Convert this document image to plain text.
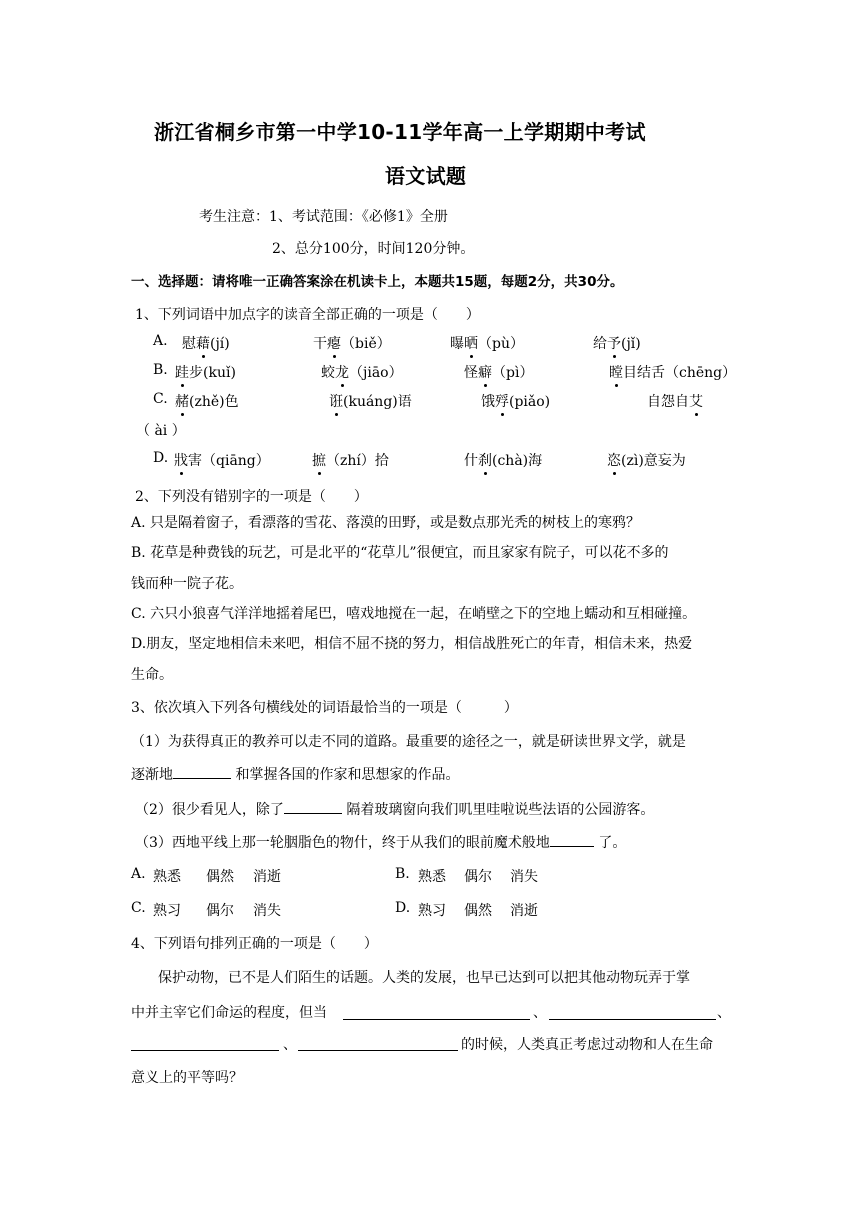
浙江省桐乡市第一中学10-11学年高一上学期期中考试
语文试题
考生注意：1、考试范围：《必修1》全册
2、总分100分，时间120分钟。
一、选择题：请将唯一正确答案涂在机读卡上，本题共15题，每题2分，共30分。
1、下列词语中加点字的读音全部正确的一项是（　　）
A. 慰藉(jí)	干瘪（biě）	曝晒（pù）	给予(jǐ)
B. 跬步(kuǐ)	蛟龙（jiāo）	怪癖（pì）	瞠目结舌（chēng）
C. 赭(zhě)色	诳(kuáng)语	饿殍(piǎo)	自怨自艾
（ ài ）
D. 戕害（qiāng）	摭（zhí）拾	什刹(chà)海	恣(zì)意妄为
2、下列没有错别字的一项是（　　）
A. 只是隔着窗子，看漂落的雪花、落漠的田野，或是数点那光秃的树枝上的寒鸦？
B. 花草是种费钱的玩艺，可是北平的“花草儿”很便宜，而且家家有院子，可以花不多的
钱而种一院子花。
C. 六只小狼喜气洋洋地摇着尾巴，嘻戏地搅在一起，在峭壁之下的空地上蠕动和互相碰撞。
D.朋友，坚定地相信未来吧，相信不屈不挠的努力，相信战胜死亡的年青，相信未来，热爱
生命。
3、依次填入下列各句横线处的词语最恰当的一项是（　　　）
（1）为获得真正的教养可以走不同的道路。最重要的途径之一，就是研读世界文学，就是
逐渐地	和掌握各国的作家和思想家的作品。
（2）很少看见人，除了	隔着玻璃窗向我们叽里哇啦说些法语的公园游客。
（3）西地平线上那一轮胭脂色的物什，终于从我们的眼前魔术般地	了。
A. 熟悉 偶然 消逝	B. 熟悉 偶尔 消失
C. 熟习 偶尔 消失	D. 熟习 偶然 消逝
4、下列语句排列正确的一项是（　　）
保护动物，已不是人们陌生的话题。人类的发展，也早已达到可以把其他动物玩弄于掌
中并主宰它们命运的程度，但当	、	、
、	的时候，人类真正考虑过动物和人在生命
意义上的平等吗？
